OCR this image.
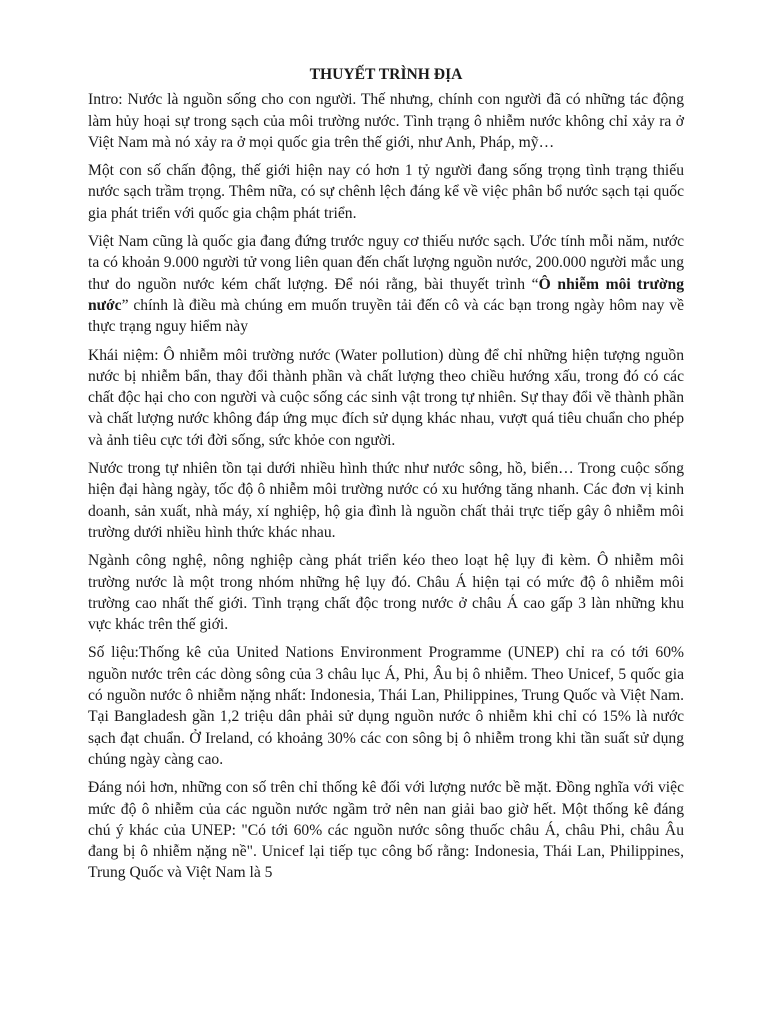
THUYẾT TRÌNH ĐỊA

Intro: Nước là nguồn sống cho con người. Thế nhưng, chính con người đã có những tác động làm hủy hoại sự trong sạch của môi trường nước. Tình trạng ô nhiễm nước không chỉ xảy ra ở Việt Nam mà nó xảy ra ở mọi quốc gia trên thế giới, như Anh, Pháp, mỹ…

Một con số chấn động, thế giới hiện nay có hơn 1 tỷ người đang sống trọng tình trạng thiếu nước sạch trầm trọng. Thêm nữa, có sự chênh lệch đáng kể về việc phân bổ nước sạch tại quốc gia phát triển với quốc gia chậm phát triển.

Việt Nam cũng là quốc gia đang đứng trước nguy cơ thiếu nước sạch. Ước tính mỗi năm, nước ta có khoản 9.000 người tử vong liên quan đến chất lượng nguồn nước, 200.000 người mắc ung thư do nguồn nước kém chất lượng. Để nói rằng, bài thuyết trình “Ô nhiễm môi trường nước” chính là điều mà chúng em muốn truyền tải đến cô và các bạn trong ngày hôm nay về thực trạng nguy hiểm này

Khái niệm: Ô nhiễm môi trường nước (Water pollution) dùng để chỉ những hiện tượng nguồn nước bị nhiễm bẩn, thay đổi thành phần và chất lượng theo chiều hướng xấu, trong đó có các chất độc hại cho con người và cuộc sống các sinh vật trong tự nhiên. Sự thay đổi về thành phần và chất lượng nước không đáp ứng mục đích sử dụng khác nhau, vượt quá tiêu chuẩn cho phép và ảnh tiêu cực tới đời sống, sức khỏe con người.

Nước trong tự nhiên tồn tại dưới nhiều hình thức như nước sông, hồ, biển… Trong cuộc sống hiện đại hàng ngày, tốc độ ô nhiễm môi trường nước có xu hướng tăng nhanh. Các đơn vị kinh doanh, sản xuất, nhà máy, xí nghiệp, hộ gia đình là nguồn chất thải trực tiếp gây ô nhiễm môi trường dưới nhiều hình thức khác nhau.

Ngành công nghệ, nông nghiệp càng phát triển kéo theo loạt hệ lụy đi kèm. Ô nhiễm môi trường nước là một trong nhóm những hệ lụy đó. Châu Á hiện tại có mức độ ô nhiễm môi trường cao nhất thế giới. Tình trạng chất độc trong nước ở châu Á cao gấp 3 làn những khu vực khác trên thế giới.

Số liệu:Thống kê của United Nations Environment Programme (UNEP) chỉ ra có tới 60% nguồn nước trên các dòng sông của 3 châu lục Á, Phi, Âu bị ô nhiễm. Theo Unicef, 5 quốc gia có nguồn nước ô nhiễm nặng nhất: Indonesia, Thái Lan, Philippines, Trung Quốc và Việt Nam. Tại Bangladesh gần 1,2 triệu dân phải sử dụng nguồn nước ô nhiễm khi chỉ có 15% là nước sạch đạt chuẩn. Ở Ireland, có khoảng 30% các con sông bị ô nhiễm trong khi tần suất sử dụng chúng ngày càng cao.

Đáng nói hơn, những con số trên chỉ thống kê đối với lượng nước bề mặt. Đồng nghĩa với việc mức độ ô nhiễm của các nguồn nước ngầm trở nên nan giải bao giờ hết. Một thống kê đáng chú ý khác của UNEP: "Có tới 60% các nguồn nước sông thuốc châu Á, châu Phi, châu Âu đang bị ô nhiễm nặng nề". Unicef lại tiếp tục công bố rằng: Indonesia, Thái Lan, Philippines, Trung Quốc và Việt Nam là 5
